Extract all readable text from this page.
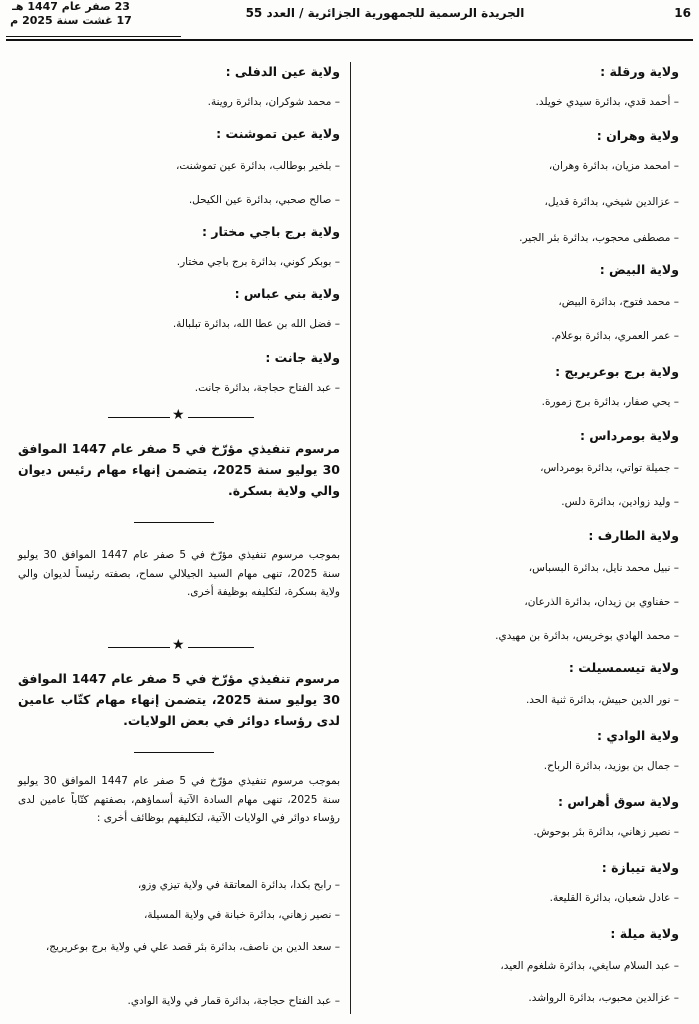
16
الجريدة الرسمية للجمهورية الجزائرية / العدد 55
23 صفر عام 1447 هـ
17 غشت سنة 2025 م
ولاية ورقلة :
– أحمد قدي، بدائرة سيدي خويلد.
ولاية وهران :
– امحمد مزيان، بدائرة وهران،
– عزالدين شيخي، بدائرة قديل،
– مصطفى محجوب، بدائرة بئر الجير.
ولاية البيض :
– محمد فتوح، بدائرة البيض،
– عمر العمري، بدائرة بوعلام.
ولاية برج بوعريريج :
– يحي صفار، بدائرة برج زمورة.
ولاية بومرداس :
– جميلة تواتي، بدائرة بومرداس،
– وليد زوادين، بدائرة دلس.
ولاية الطارف :
– نبيل محمد نايل، بدائرة البسباس،
– حفناوي بن زيدان، بدائرة الذرعان،
– محمد الهادي بوخريس، بدائرة بن مهيدي.
ولاية تيسمسيلت :
– نور الدين حبيش، بدائرة ثنية الحد.
ولاية الوادي :
– جمال بن بوزيد، بدائرة الرباح.
ولاية سوق أهراس :
– نصير زهاني، بدائرة بئر بوحوش.
ولاية تيبازة :
– عادل شعبان، بدائرة القليعة.
ولاية ميلة :
– عبد السلام سايغي، بدائرة شلغوم العيد،
– عزالدين محبوب، بدائرة الرواشد.
ولاية عين الدفلى :
– محمد شوكران، بدائرة روينة.
ولاية عين تموشنت :
– بلخير بوطالب، بدائرة عين تموشنت،
– صالح صحبي، بدائرة عين الكيحل.
ولاية برج باجي مختار :
– بوبكر كوني، بدائرة برج باجي مختار.
ولاية بني عباس :
– فضل الله بن عطا الله، بدائرة تبلبالة.
ولاية جانت :
– عبد الفتاح حجاجة، بدائرة جانت.
★
مرسوم تنفيذي مؤرّخ في 5 صفر عام 1447 الموافق 30 يوليو سنة 2025، يتضمن إنهاء مهام رئيس ديوان والي ولاية بسكرة.
بموجب مرسوم تنفيذي مؤرّخ في 5 صفر عام 1447 الموافق 30 يوليو سنة 2025، تنهى مهام السيد الجيلالي سماح، بصفته رئيساً لديوان والي ولاية بسكرة، لتكليفه بوظيفة أخرى.
★
مرسوم تنفيذي مؤرّخ في 5 صفر عام 1447 الموافق 30 يوليو سنة 2025، يتضمن إنهاء مهام كتّاب عامين لدى رؤساء دوائر في بعض الولايات.
بموجب مرسوم تنفيذي مؤرّخ في 5 صفر عام 1447 الموافق 30 يوليو سنة 2025، تنهى مهام السادة الآتية أسماؤهم، بصفتهم كتّاباً عامين لدى رؤساء دوائر في الولايات الآتية، لتكليفهم بوظائف أخرى :
– رابح بكدا، بدائرة المعاتقة في ولاية تيزي وزو،
– نصير زهاني، بدائرة خبانة في ولاية المسيلة،
– سعد الدين بن ناصف، بدائرة بئر قصد علي في ولاية برج بوعريريج،
– عبد الفتاح حجاجة، بدائرة قمار في ولاية الوادي.
